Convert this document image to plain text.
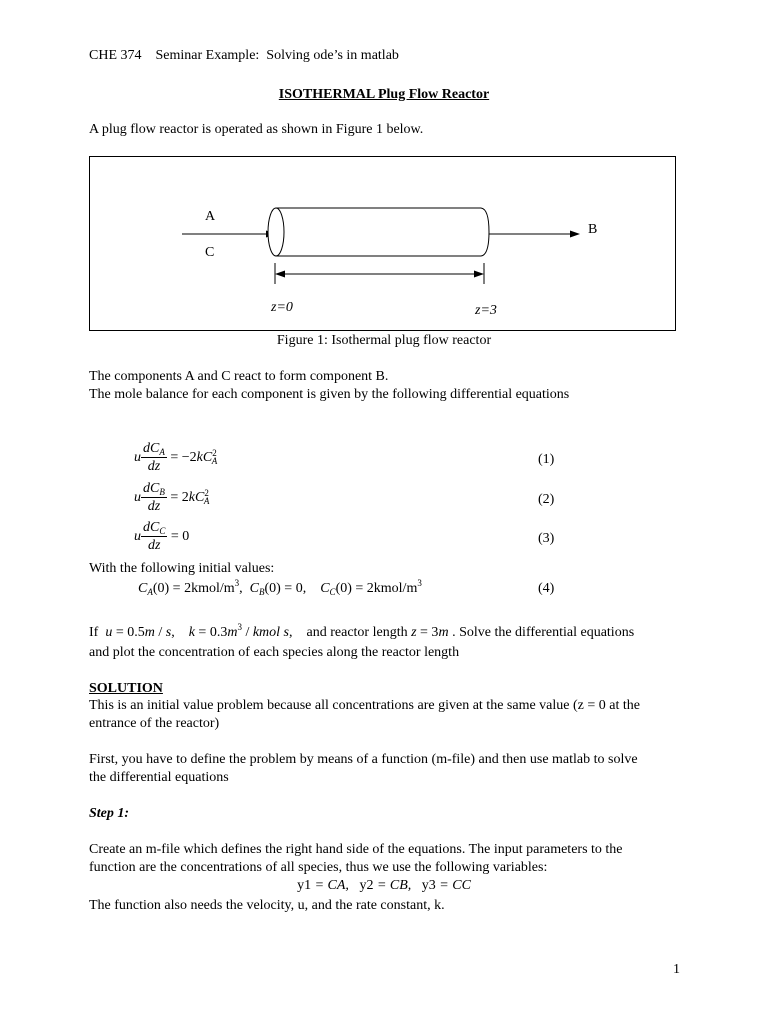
CHE 374    Seminar Example:  Solving ode’s in matlab
ISOTHERMAL Plug Flow Reactor
A plug flow reactor is operated as shown in Figure 1 below.
A
C
B
z=0	z=3
Figure 1: Isothermal plug flow reactor
The components A and C react to form component B.
The mole balance for each component is given by the following differential equations
u $\frac{dC_A}{dz} = -2kC^2_A$	(1)
u $\frac{dC_B}{dz} = 2kC^2_A$	(2)
u $\frac{dC_C}{dz} = 0$	(3)
With the following initial values:
$C_A(0)$ = $2kmol/m^3$,  $C_B(0) = 0$,    $C_C(0)$ = $2kmol/m^3$	(4)
If  u = 0.5m / s,    $k = 0.3m^3$ / kmol s,    and reactor length z = 3m . Solve the differential equations
and plot the concentration of each species along the reactor length
SOLUTION
This is an initial value problem because all concentrations are given at the same value (z = 0 at the
entrance of the reactor)
First, you have to define the problem by means of a function (m-file) and then use matlab to solve
the differential equations
Step 1:
Create an m-file which defines the right hand side of the equations. The input parameters to the
function are the concentrations of all species, thus we use the following variables:
y1 = CA,   y2 = CB,   y3 = CC
The function also needs the velocity, u, and the rate constant, k.
1
